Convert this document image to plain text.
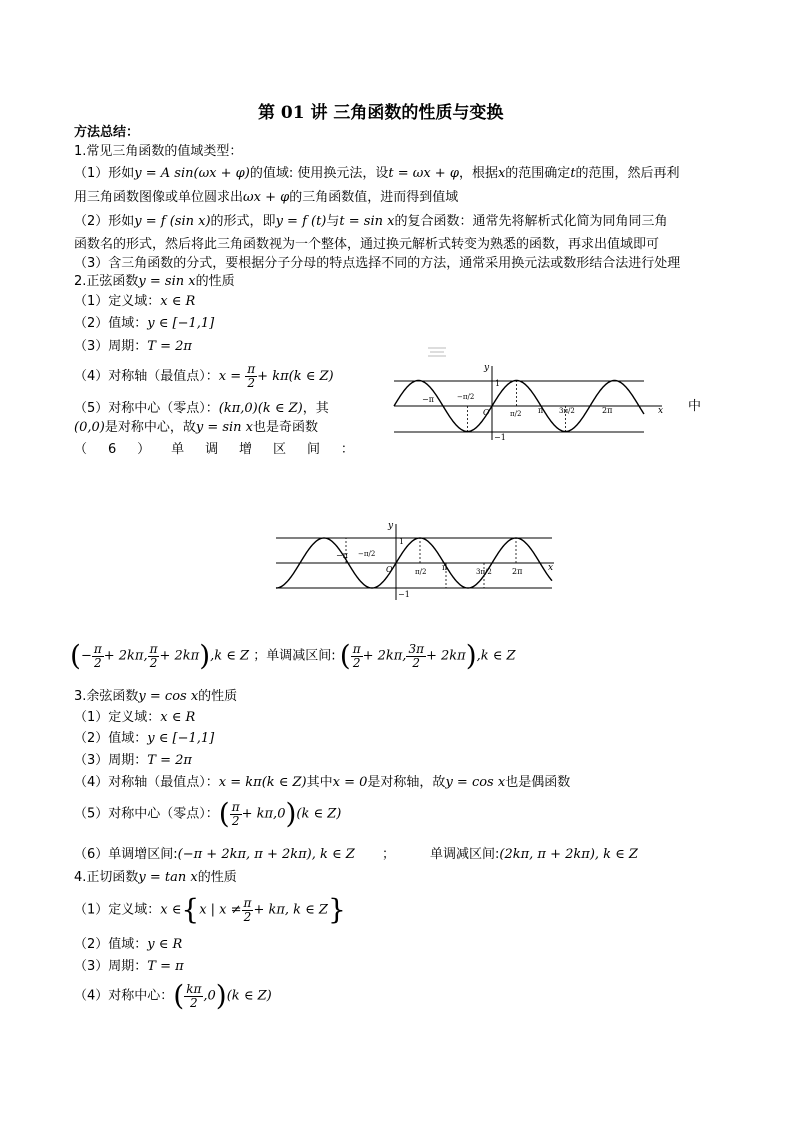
第 01 讲 三角函数的性质与变换
方法总结：
1.常见三角函数的值域类型：
（1）形如y = A sin(ωx + φ)的值域: 使用换元法，设t = ωx + φ，根据x的范围确定t的范围，然后再利
用三角函数图像或单位圆求出ωx + φ的三角函数值，进而得到值域
（2）形如y = f (sin x)的形式，即y = f (t)与t = sin x的复合函数：通常先将解析式化简为同角同三角
函数名的形式，然后将此三角函数视为一个整体，通过换元解析式转变为熟悉的函数，再求出值域即可
（3）含三角函数的分式，要根据分子分母的特点选择不同的方法，通常采用换元法或数形结合法进行处理
2.正弦函数y = sin x的性质
（1）定义域：x ∈ R
（2）值域：y ∈ [−1,1]
（3）周期：T = 2π
（4）对称轴（最值点）：$x = \frac{\pi}{2} + k\pi(k$ ∈ Z)
（5）对称中心（零点）：(kπ,0)(k ∈ Z)，其	中
(0,0)是对称中心，故y = sin x也是奇函数
（ 6 ） 单 调 增 区 间 ：
y
x
1
−1
O
−π	−π/2
π/2 π 3π/2	2π
y
x
1
−1
O
−π −π/2
π/2 π	3π/2	2π
(− $\frac{\pi}{2} + 2k\pi$, $\frac{\pi}{2} + 2k\pi),k$ ∈ Z ；单调减区间: ( $\frac{\pi}{2} + 2k\pi$, $\frac{3\pi}{2} + 2k\pi),k$ ∈ Z
3.余弦函数y = cos x的性质
（1）定义域：x ∈ R
（2）值域：y ∈ [−1,1]
（3）周期：T = 2π
（4）对称轴（最值点）：x = kπ(k ∈ Z)其中x = 0是对称轴，故y = cos x也是偶函数
（5）对称中心（零点）：( $\frac{\pi}{2} + k\pi,0)(k$ ∈ Z)
（6）单调增区间:(−π + 2kπ, π + 2kπ), k ∈ Z ；	单调减区间:(2kπ, π + 2kπ), k ∈ Z
4.正切函数y = tan x的性质
（1）定义域：x ∈{x | $x \ne \frac{\pi}{2} + k\pi$, k ∈ Z}
（2）值域：y ∈ R
（3）周期：T = π
（4）对称中心：( $\frac{k\pi}{2} ,0)(k$ ∈ Z)
